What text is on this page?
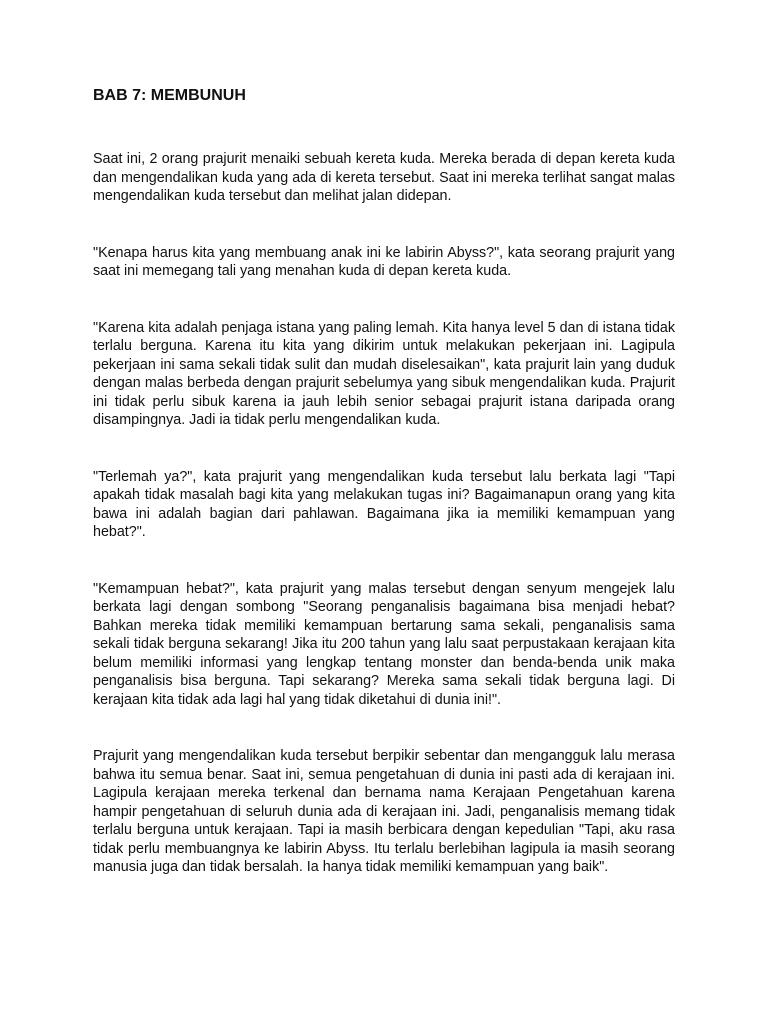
BAB 7: MEMBUNUH

Saat ini, 2 orang prajurit menaiki sebuah kereta kuda. Mereka berada di depan kereta kuda dan mengendalikan kuda yang ada di kereta tersebut. Saat ini mereka terlihat sangat malas mengendalikan kuda tersebut dan melihat jalan didepan.

"Kenapa harus kita yang membuang anak ini ke labirin Abyss?", kata seorang prajurit yang saat ini memegang tali yang menahan kuda di depan kereta kuda.

"Karena kita adalah penjaga istana yang paling lemah. Kita hanya level 5 dan di istana tidak terlalu berguna. Karena itu kita yang dikirim untuk melakukan pekerjaan ini. Lagipula pekerjaan ini sama sekali tidak sulit dan mudah diselesaikan", kata prajurit lain yang duduk dengan malas berbeda dengan prajurit sebelumya yang sibuk mengendalikan kuda. Prajurit ini tidak perlu sibuk karena ia jauh lebih senior sebagai prajurit istana daripada orang disampingnya. Jadi ia tidak perlu mengendalikan kuda.

"Terlemah ya?", kata prajurit yang mengendalikan kuda tersebut lalu berkata lagi "Tapi apakah tidak masalah bagi kita yang melakukan tugas ini? Bagaimanapun orang yang kita bawa ini adalah bagian dari pahlawan. Bagaimana jika ia memiliki kemampuan yang hebat?".

"Kemampuan hebat?", kata prajurit yang malas tersebut dengan senyum mengejek lalu berkata lagi dengan sombong "Seorang penganalisis bagaimana bisa menjadi hebat? Bahkan mereka tidak memiliki kemampuan bertarung sama sekali, penganalisis sama sekali tidak berguna sekarang! Jika itu 200 tahun yang lalu saat perpustakaan kerajaan kita belum memiliki informasi yang lengkap tentang monster dan benda-benda unik maka penganalisis bisa berguna. Tapi sekarang? Mereka sama sekali tidak berguna lagi. Di kerajaan kita tidak ada lagi hal yang tidak diketahui di dunia ini!".

Prajurit yang mengendalikan kuda tersebut berpikir sebentar dan mengangguk lalu merasa bahwa itu semua benar. Saat ini, semua pengetahuan di dunia ini pasti ada di kerajaan ini. Lagipula kerajaan mereka terkenal dan bernama nama Kerajaan Pengetahuan karena hampir pengetahuan di seluruh dunia ada di kerajaan ini. Jadi, penganalisis memang tidak terlalu berguna untuk kerajaan. Tapi ia masih berbicara dengan kepedulian "Tapi, aku rasa tidak perlu membuangnya ke labirin Abyss. Itu terlalu berlebihan lagipula ia masih seorang manusia juga dan tidak bersalah. Ia hanya tidak memiliki kemampuan yang baik".
